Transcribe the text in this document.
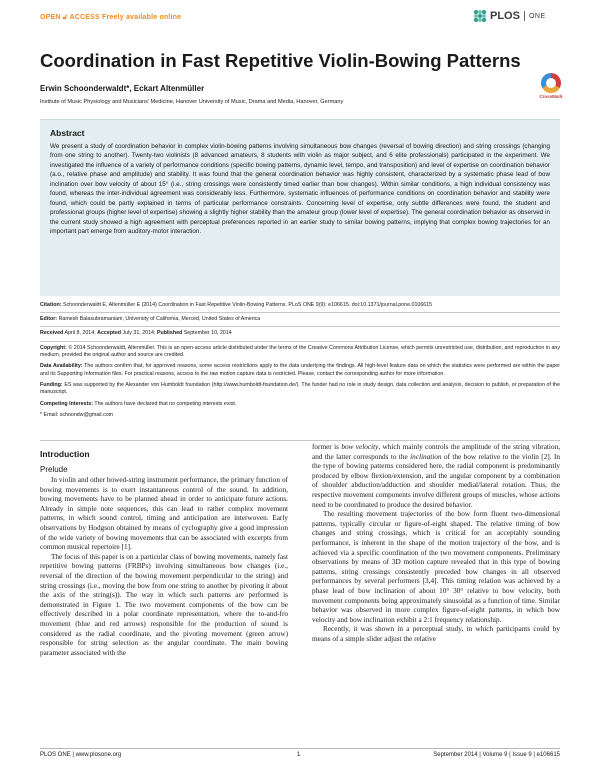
OPEN 🔓︎ ACCESS Freely available online	PLOS ONE
Coordination in Fast Repetitive Violin-Bowing Patterns
CrossMark
Erwin Schoonderwaldt*, Eckart Altenmüller
Institute of Music Physiology and Musicians' Medicine, Hanover University of Music, Drama and Media, Hanover, Germany
Abstract

We present a study of coordination behavior in complex violin-bowing patterns involving simultaneous bow changes (reversal of bowing direction) and string crossings (changing from one string to another). Twenty-two violinists (8 advanced amateurs, 8 students with violin as major subject, and 6 elite professionals) participated in the experiment. We investigated the influence of a variety of performance conditions (specific bowing patterns, dynamic level, tempo, and transposition) and level of expertise on coordination behavior (a.o., relative phase and amplitude) and stability. It was found that the general coordination behavior was highly consistent, characterized by a systematic phase lead of bow inclination over bow velocity of about 15° (i.e., string crossings were consistently timed earlier than bow changes). Within similar conditions, a high individual consistency was found, whereas the inter-individual agreement was considerably less. Furthermore, systematic influences of performance conditions on coordination behavior and stability were found, which could be partly explained in terms of particular performance constraints. Concerning level of expertise, only subtle differences were found, the student and professional groups (higher level of expertise) showing a slightly higher stability than the amateur group (lower level of expertise). The general coordination behavior as observed in the current study showed a high agreement with perceptual preferences reported in an earlier study to similar bowing patterns, implying that complex bowing trajectories for an important part emerge from auditory-motor interaction.

Citation: Schoonderwaldt E, Altenmüller E (2014) Coordination in Fast Repetitive Violin-Bowing Patterns. PLoS ONE 9(9): e106615. doi:10.1371/journal.pone.0106615

Editor: Ramesh Balasubramaniam, University of California, Merced, United States of America

Received April 8, 2014; Accepted July 31, 2014; Published September 10, 2014

Copyright: © 2014 Schoonderwaldt, Altenmüller. This is an open-access article distributed under the terms of the Creative Commons Attribution License, which permits unrestricted use, distribution, and reproduction in any medium, provided the original author and source are credited.

Data Availability: The authors confirm that, for approved reasons, some access restrictions apply to the data underlying the findings. All high-level feature data on which the statistics were performed are within the paper and its Supporting Information files. For practical reasons, access to the raw motion capture data is restricted. Please, contact the corresponding author for more information.

Funding: ES was supported by the Alexander von Humboldt foundation (http://www.humboldt-foundation.de/). The funder had no role in study design, data collection and analysis, decision to publish, or preparation of the manuscript.

Competing Interests: The authors have declared that no competing interests exist.

* Email: schoondw@gmail.com

Introduction
Prelude

In violin and other bowed-string instrument performance, the primary function of bowing movements is to exert instantaneous control of the sound. In addition, bowing movements have to be planned ahead in order to anticipate future actions. Already in simple note sequences, this can lead to rather complex movement patterns, in which sound control, timing and anticipation are interwoven. Early observations by Hodgson obtained by means of cyclography give a good impression of the wide variety of bowing movements that can be associated with excerpts from common musical repertoire [1].

The focus of this paper is on a particular class of bowing movements, namely fast repetitive bowing patterns (FRBPs) involving simultaneous bow changes (i.e., reversal of the direction of the bowing movement perpendicular to the string) and string crossings (i.e., moving the bow from one string to another by pivoting it about the axis of the string(s)). The way in which such patterns are performed is demonstrated in Figure 1. The two movement components of the bow can be effectively described in a polar coordinate representation, where the to-and-fro movement (blue and red arrows) responsible for the production of sound is considered as the radial coordinate, and the pivoting movement (green arrow) responsible for string selection as the angular coordinate. The main bowing parameter associated with the

former is bow velocity, which mainly controls the amplitude of the string vibration, and the latter corresponds to the inclination of the bow relative to the violin [2]. In the type of bowing patterns considered here, the radial component is predominantly produced by elbow flexion/extension, and the angular component by a combination of shoulder abduction/adduction and shoulder medial/lateral rotation. Thus, the respective movement components involve different groups of muscles, whose actions need to be coordinated to produce the desired behavior.

The resulting movement trajectories of the bow form fluent two-dimensional patterns, typically circular or figure-of-eight shaped. The relative timing of bow changes and string crossings, which is critical for an acceptably sounding performance, is inherent in the shape of the motion trajectory of the bow, and is achieved via a specific coordination of the two movement components. Preliminary observations by means of 3D motion capture revealed that in this type of bowing patterns, string crossings consistently preceded bow changes in all observed performances by several performers [3,4]. This timing relation was achieved by a phase lead of bow inclination of about 10° 30° relative to bow velocity, both movement components being approximately sinusoidal as a function of time. Similar behavior was observed in more complex figure-of-eight patterns, in which bow velocity and bow inclination exhibit a 2:1 frequency relationship.

Recently, it was shown in a perceptual study, in which participants could by means of a simple slider adjust the relative

PLOS ONE | www.plosone.org	1	September 2014 | Volume 9 | Issue 9 | e106615
